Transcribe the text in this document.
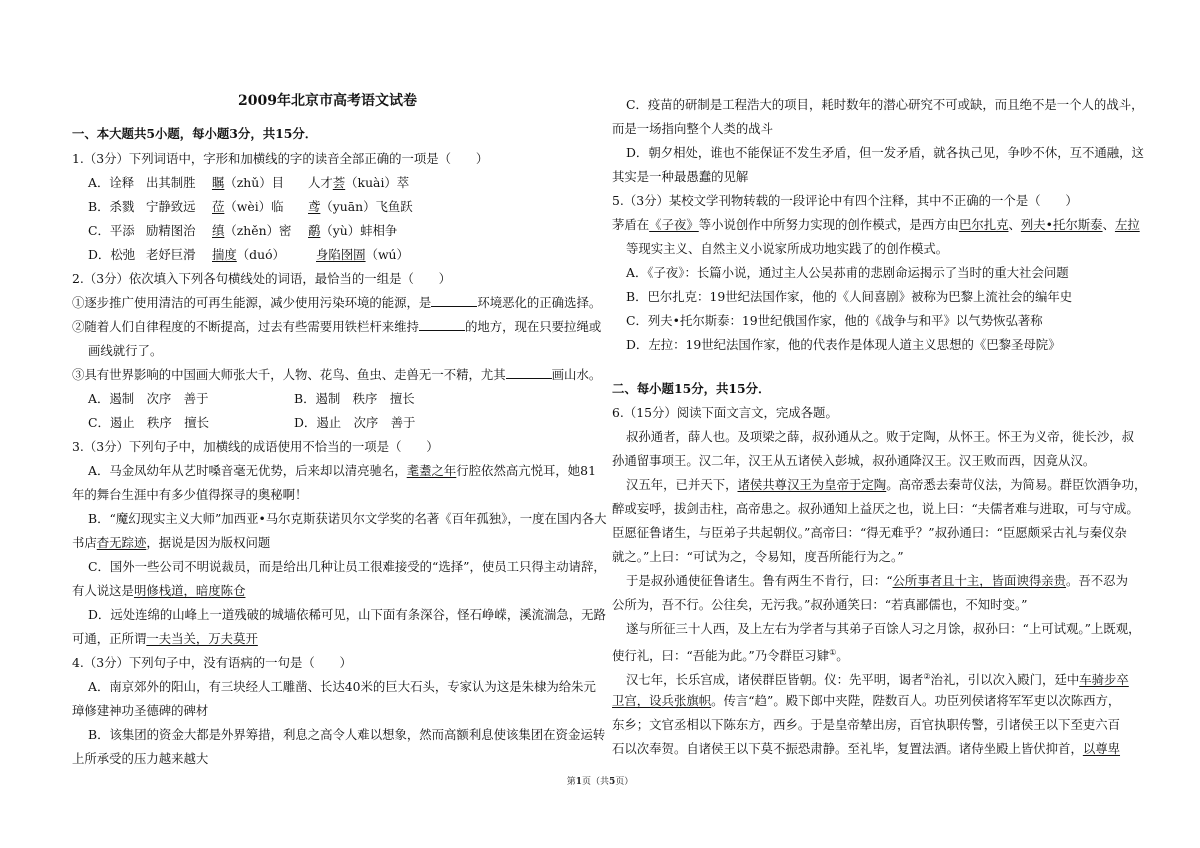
2009年北京市高考语文试卷
一、本大题共5小题，每小题3分，共15分．
1.（3分）下列词语中，字形和加横线的字的读音全部正确的一项是（　　）
A．诠释 出其制胜 瞩（zhǔ）目 人才荟（kuài）萃
B．杀戮 宁静致远 莅（wèi）临 鸢（yuān）飞鱼跃
C．平添 励精图治 缜（zhěn）密 鹬（yù）蚌相争
D．松弛 老妤巨滑 揣度（duó）	身陷囹圄（wú）
2.（3分）依次填入下列各句横线处的词语，最恰当的一组是（　　）
①逐步推广使用清洁的可再生能源，减少使用污染环境的能源，是	环境恶化的正确选择。
②随着人们自律程度的不断提高，过去有些需要用铁栏杆来维持	的地方，现在只要拉绳或
画线就行了。
③具有世界影响的中国画大师张大千，人物、花鸟、鱼虫、走兽无一不精，尤其	画山水。
A．遏制　次序　善于	B．遏制　秩序　擅长
C．遏止　秩序　擅长	D．遏止　次序　善于
3.（3分）下列句子中，加横线的成语使用不恰当的一项是（　　）
A．马金凤幼年从艺时嗓音毫无优势，后来却以清亮驰名，耄耋之年行腔依然高亢悦耳，她81
年的舞台生涯中有多少值得探寻的奥秘啊！
B．“魔幻现实主义大师”加西亚•马尔克斯获诺贝尔文学奖的名著《百年孤独》，一度在国内各大
书店杳无踪迹，据说是因为版权问题
C．国外一些公司不明说裁员，而是给出几种让员工很难接受的“选择”，使员工只得主动请辞，
有人说这是明修栈道，暗度陈仓
D．远处连绵的山峰上一道残破的城墙依稀可见，山下面有条深谷，怪石峥嵘，溪流湍急，无路
可通，正所谓一夫当关，万夫莫开
4.（3分）下列句子中，没有语病的一句是（　　）
A．南京郊外的阳山，有三块经人工雕凿、长达40米的巨大石头，专家认为这是朱棣为给朱元
璋修建神功圣德碑的碑材
B．该集团的资金大都是外界筹措，利息之高令人难以想象，然而高额利息使该集团在资金运转
上所承受的压力越来越大
C．疫苗的研制是工程浩大的项目，耗时数年的潜心研究不可或缺，而且绝不是一个人的战斗，
而是一场指向整个人类的战斗
D．朝夕相处，谁也不能保证不发生矛盾，但一发矛盾，就各执己见，争吵不休，互不通融，这
其实是一种最愚蠢的见解
5.（3分）某校文学刊物转载的一段评论中有四个注释，其中不正确的一个是（　　）
茅盾在《子夜》等小说创作中所努力实现的创作模式，是西方由巴尔扎克、列夫•托尔斯泰、左拉
等现实主义、自然主义小说家所成功地实践了的创作模式。
A．《子夜》：长篇小说，通过主人公吴荪甫的悲剧命运揭示了当时的重大社会问题
B．巴尔扎克：19世纪法国作家，他的《人间喜剧》被称为巴黎上流社会的编年史
C．列夫•托尔斯泰：19世纪俄国作家，他的《战争与和平》以气势恢弘著称
D．左拉：19世纪法国作家，他的代表作是体现人道主义思想的《巴黎圣母院》
二、每小题15分，共15分．
6.（15分）阅读下面文言文，完成各题。
叔孙通者，薛人也。及项梁之薛，叔孙通从之。败于定陶，从怀王。怀王为义帝，徙长沙，叔
孙通留事项王。汉二年，汉王从五诸侯入彭城，叔孙通降汉王。汉王败而西，因竟从汉。
汉五年，已并天下，诸侯共尊汉王为皇帝于定陶。高帝悉去秦苛仪法，为简易。群臣饮酒争功，
醉或妄呼，拔剑击柱，高帝患之。叔孙通知上益厌之也，说上曰：“夫儒者难与进取，可与守成。
臣愿征鲁诸生，与臣弟子共起朝仪。”高帝曰：“得无难乎？”叔孙通曰：“臣愿颇采古礼与秦仪杂
就之。”上曰：“可试为之，令易知，度吾所能行为之。”
于是叔孙通使征鲁诸生。鲁有两生不肯行，曰：“公所事者且十主，皆面谀得亲贵。吾不忍为
公所为，吾不行。公往矣，无污我。”叔孙通笑曰：“若真鄙儒也，不知时变。”
遂与所征三十人西，及上左右为学者与其弟子百馀人习之月馀，叔孙曰：“上可试观。”上既观，
使行礼，曰：“吾能为此。”乃令群臣习肄①。
汉七年，长乐宫成，诸侯群臣皆朝。仪：先平明，谒者②治礼，引以次入殿门，廷中车骑步卒
卫宫，设兵张旗帜。传言“趋”。殿下郎中夹陛，陛数百人。功臣列侯诸将军军吏以次陈西方，
东乡；文官丞相以下陈东方，西乡。于是皇帝辇出房，百官执职传警，引诸侯王以下至吏六百
石以次奉贺。自诸侯王以下莫不振恐肃静。至礼毕，复置法酒。诸侍坐殿上皆伏抑首，以尊卑
第1页（共5页）
